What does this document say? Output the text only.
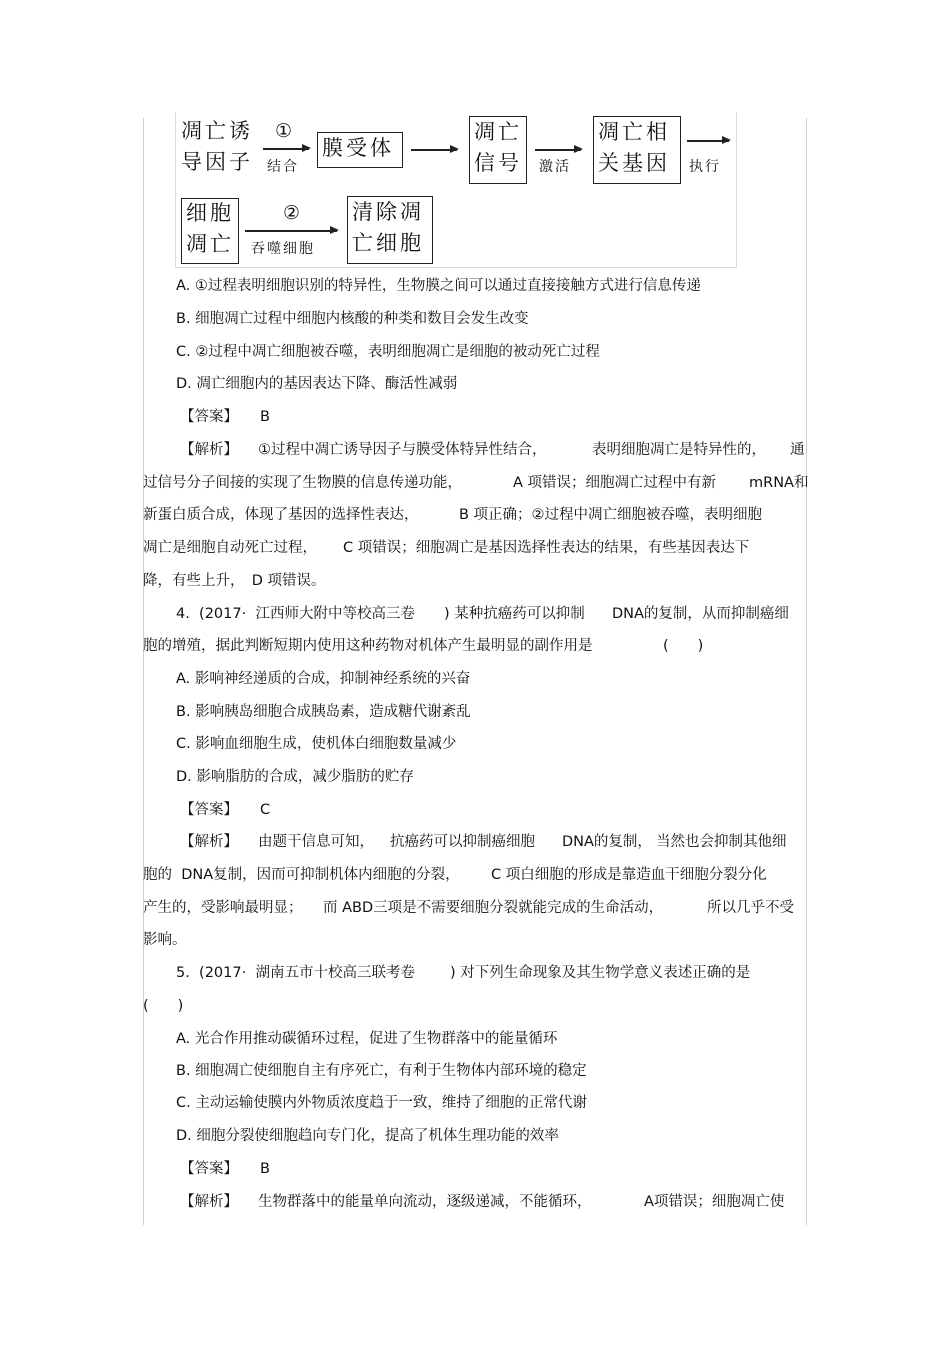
凋亡诱
导因子
①
结合
膜受体
凋亡
信号 激活
凋亡相
关基因 执行
细胞
凋亡
②
吞噬细胞
清除凋
亡细胞
A. ①过程表明细胞识别的特异性，生物膜之间可以通过直接接触方式进行信息传递
B. 细胞凋亡过程中细胞内核酸的种类和数目会发生改变
C. ②过程中凋亡细胞被吞噬，表明细胞凋亡是细胞的被动死亡过程
D. 凋亡细胞内的基因表达下降、酶活性减弱
【答案】 B
【解析】 ①过程中凋亡诱导因子与膜受体特异性结合，	表明细胞凋亡是特异性的， 通
过信号分子间接的实现了生物膜的信息传递功能，	A 项错误；细胞凋亡过程中有新 mRNA和
新蛋白质合成，体现了基因的选择性表达，	B 项正确；②过程中凋亡细胞被吞噬，表明细胞
凋亡是细胞自动死亡过程， C 项错误；细胞凋亡是基因选择性表达的结果，有些基因表达下
降，有些上升，　D 项错误。
4.  (2017·  江西师大附中等校高三卷 ) 某种抗癌药可以抑制 DNA的复制，从而抑制癌细
胞的增殖，据此判断短期内使用这种药物对机体产生最明显的副作用是	(　　)
A. 影响神经递质的合成，抑制神经系统的兴奋
B. 影响胰岛细胞合成胰岛素，造成糖代谢紊乱
C. 影响血细胞生成，使机体白细胞数量减少
D. 影响脂肪的合成，减少脂肪的贮存
【答案】 C
【解析】 由题干信息可知， 抗癌药可以抑制癌细胞 DNA的复制， 当然也会抑制其他细
胞的  DNA复制，因而可抑制机体内细胞的分裂， C 项白细胞的形成是靠造血干细胞分裂分化
产生的，受影响最明显； 而 ABD三项是不需要细胞分裂就能完成的生命活动，	所以几乎不受
影响。
5.  (2017·  湖南五市十校高三联考卷 ) 对下列生命现象及其生物学意义表述正确的是
(　　)
A. 光合作用推动碳循环过程，促进了生物群落中的能量循环
B. 细胞凋亡使细胞自主有序死亡，有利于生物体内部环境的稳定
C. 主动运输使膜内外物质浓度趋于一致，维持了细胞的正常代谢
D. 细胞分裂使细胞趋向专门化，提高了机体生理功能的效率
【答案】 B
【解析】 生物群落中的能量单向流动，逐级递减，不能循环，	A项错误；细胞凋亡使
